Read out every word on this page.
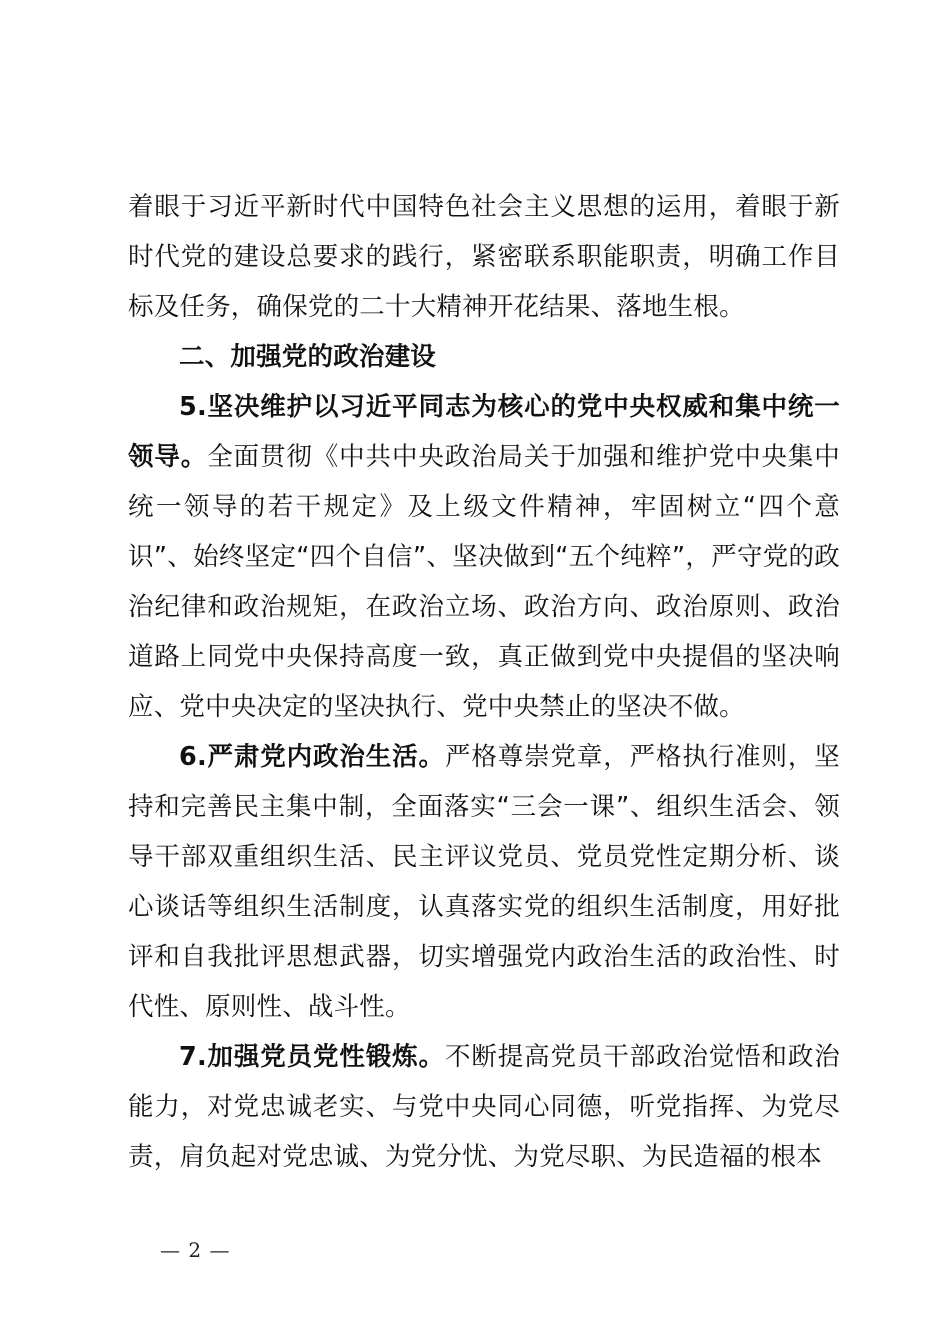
着眼于习近平新时代中国特色社会主义思想的运用，着眼于新时代党的建设总要求的践行，紧密联系职能职责，明确工作目标及任务，确保党的二十大精神开花结果、落地生根。

二、加强党的政治建设

5.坚决维护以习近平同志为核心的党中央权威和集中统一领导。全面贯彻《中共中央政治局关于加强和维护党中央集中统一领导的若干规定》及上级文件精神，牢固树立“四个意识”、始终坚定“四个自信”、坚决做到“五个纯粹”，严守党的政治纪律和政治规矩，在政治立场、政治方向、政治原则、政治道路上同党中央保持高度一致，真正做到党中央提倡的坚决响应、党中央决定的坚决执行、党中央禁止的坚决不做。

6.严肃党内政治生活。严格尊崇党章，严格执行准则，坚持和完善民主集中制，全面落实“三会一课”、组织生活会、领导干部双重组织生活、民主评议党员、党员党性定期分析、谈心谈话等组织生活制度，认真落实党的组织生活制度，用好批评和自我批评思想武器，切实增强党内政治生活的政治性、时代性、原则性、战斗性。

7.加强党员党性锻炼。不断提高党员干部政治觉悟和政治能力，对党忠诚老实、与党中央同心同德，听党指挥、为党尽责，肩负起对党忠诚、为党分忧、为党尽职、为民造福的根本

— 2 —
